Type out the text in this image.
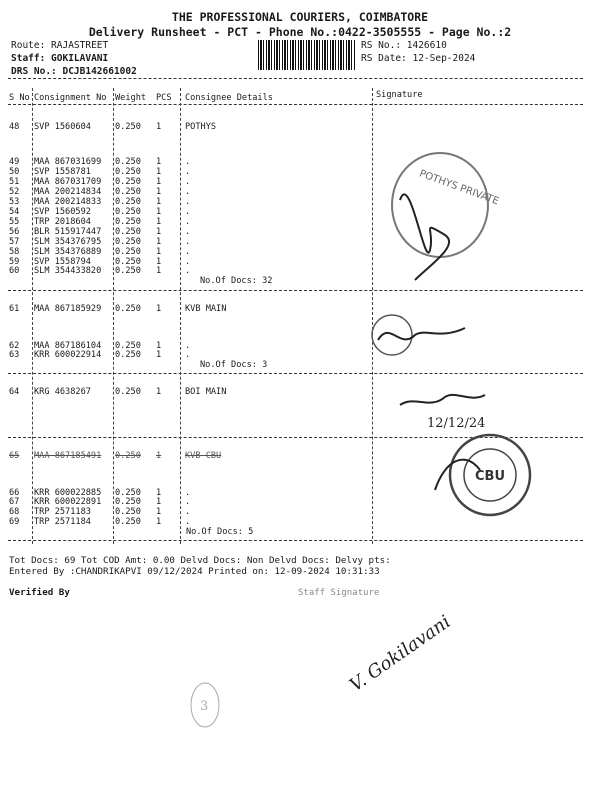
THE PROFESSIONAL COURIERS, COIMBATORE
Delivery Runsheet - PCT - Phone No.:0422-3505555 - Page No.:2
Route: RAJASTREET
Staff: GOKILAVANI
DRS No.: DCJB142661002
RS No.: 1426610
RS Date: 12-Sep-2024
S No Consignment No Weight PCS Consignee Details	Signature
48 SVP 1560604	0.250 1	POTHYS
49 MAA 867031699 0.250 1	.
50 SVP 1558781	0.250 1	.
51 MAA 867031709 0.250 1	.
52 MAA 200214834 0.250 1	.
53 MAA 200214833 0.250 1	.
54 SVP 1560592	0.250 1	.
55 TRP 2018604	0.250 1	.
56 BLR 515917447 0.250 1	.
57 SLM 354376795 0.250 1	.
58 SLM 354376889 0.250 1	.
59 SVP 1558794	0.250 1	.
60 SLM 354433820 0.250 1	.
No.Of Docs: 32
61 MAA 867185929 0.250 1	KVB MAIN
62 MAA 867186104 0.250 1	.
63 KRR 600022914 0.250 1	.
No.Of Docs: 3
64 KRG 4638267	0.250 1	BOI MAIN
65 MAA 867185491 0.250 1	KVB CBU
66 KRR 600022885 0.250 1	.
67 KRR 600022891 0.250 1	.
68 TRP 2571183	0.250 1	.
69 TRP 2571184	0.250 1	.
No.Of Docs: 5
Tot Docs: 69 Tot COD Amt: 0.00 Delvd Docs: Non Delvd Docs: Delvy pts:
Entered By :CHANDRIKAPVI 09/12/2024 Printed on: 12-09-2024 10:31:33
Verified By	Staff Signature
POTHYS PRIVATE
12/12/24
CBU
V. Gokilavani
3
